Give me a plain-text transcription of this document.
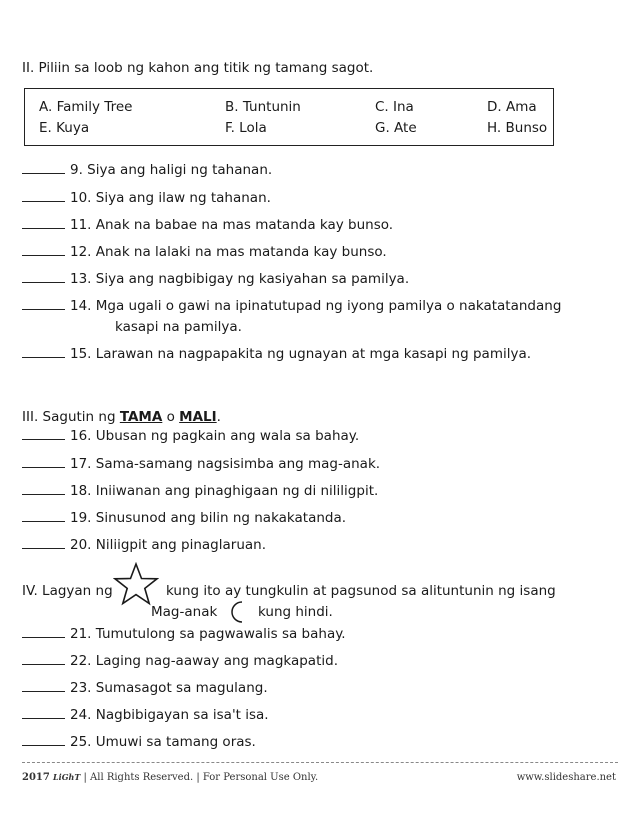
II. Piliin sa loob ng kahon ang titik ng tamang sagot.
A. Family Tree	B. Tuntunin	C. Ina	D. Ama
E. Kuya	F. Lola	G. Ate	H. Bunso
9. Siya ang haligi ng tahanan.
10. Siya ang ilaw ng tahanan.
11. Anak na babae na mas matanda kay bunso.
12. Anak na lalaki na mas matanda kay bunso.
13. Siya ang nagbibigay ng kasiyahan sa pamilya.
14. Mga ugali o gawi na ipinatutupad ng iyong pamilya o nakatatandang
kasapi na pamilya.
15. Larawan na nagpapakita ng ugnayan at mga kasapi ng pamilya.
III. Sagutin ng TAMA o MALI.
16. Ubusan ng pagkain ang wala sa bahay.
17. Sama-samang nagsisimba ang mag-anak.
18. Iniiwanan ang pinaghigaan ng di nililigpit.
19. Sinusunod ang bilin ng nakakatanda.
20. Niliigpit ang pinaglaruan.
IV. Lagyan ng	kung ito ay tungkulin at pagsunod sa alituntunin ng isang
Mag-anak	kung hindi.
21. Tumutulong sa pagwawalis sa bahay.
22. Laging nag-aaway ang magkapatid.
23. Sumasagot sa magulang.
24. Nagbibigayan sa isa't isa.
25. Umuwi sa tamang oras.
2017 LiGhT | All Rights Reserved. | For Personal Use Only.	www.slideshare.net
